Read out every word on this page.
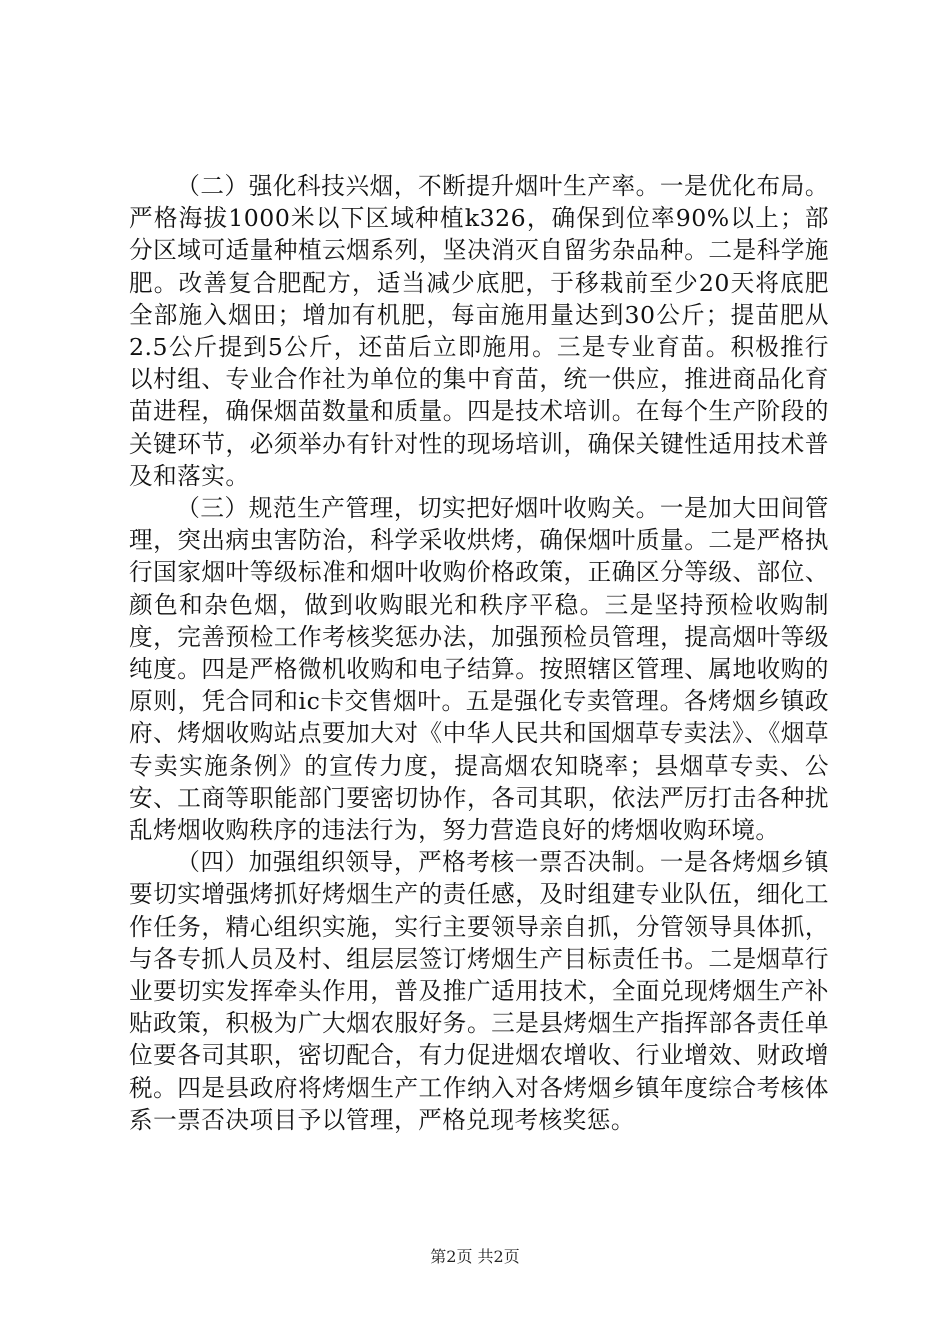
（二）强化科技兴烟，不断提升烟叶生产率。一是优化布局。严格海拔1000米以下区域种植k326，确保到位率90%以上；部分区域可适量种植云烟系列，坚决消灭自留劣杂品种。二是科学施肥。改善复合肥配方，适当减少底肥，于移栽前至少20天将底肥全部施入烟田；增加有机肥，每亩施用量达到30公斤；提苗肥从2.5公斤提到5公斤，还苗后立即施用。三是专业育苗。积极推行以村组、专业合作社为单位的集中育苗，统一供应，推进商品化育苗进程，确保烟苗数量和质量。四是技术培训。在每个生产阶段的关键环节，必须举办有针对性的现场培训，确保关键性适用技术普及和落实。

（三）规范生产管理，切实把好烟叶收购关。一是加大田间管理，突出病虫害防治，科学采收烘烤，确保烟叶质量。二是严格执行国家烟叶等级标准和烟叶收购价格政策，正确区分等级、部位、颜色和杂色烟，做到收购眼光和秩序平稳。三是坚持预检收购制度，完善预检工作考核奖惩办法，加强预检员管理，提高烟叶等级纯度。四是严格微机收购和电子结算。按照辖区管理、属地收购的原则，凭合同和ic卡交售烟叶。五是强化专卖管理。各烤烟乡镇政府、烤烟收购站点要加大对《中华人民共和国烟草专卖法》、《烟草专卖实施条例》的宣传力度，提高烟农知晓率；县烟草专卖、公安、工商等职能部门要密切协作，各司其职，依法严厉打击各种扰乱烤烟收购秩序的违法行为，努力营造良好的烤烟收购环境。

（四）加强组织领导，严格考核一票否决制。一是各烤烟乡镇要切实增强烤抓好烤烟生产的责任感，及时组建专业队伍，细化工作任务，精心组织实施，实行主要领导亲自抓，分管领导具体抓，与各专抓人员及村、组层层签订烤烟生产目标责任书。二是烟草行业要切实发挥牵头作用，普及推广适用技术，全面兑现烤烟生产补贴政策，积极为广大烟农服好务。三是县烤烟生产指挥部各责任单位要各司其职，密切配合，有力促进烟农增收、行业增效、财政增税。四是县政府将烤烟生产工作纳入对各烤烟乡镇年度综合考核体系一票否决项目予以管理，严格兑现考核奖惩。

第2页 共2页
